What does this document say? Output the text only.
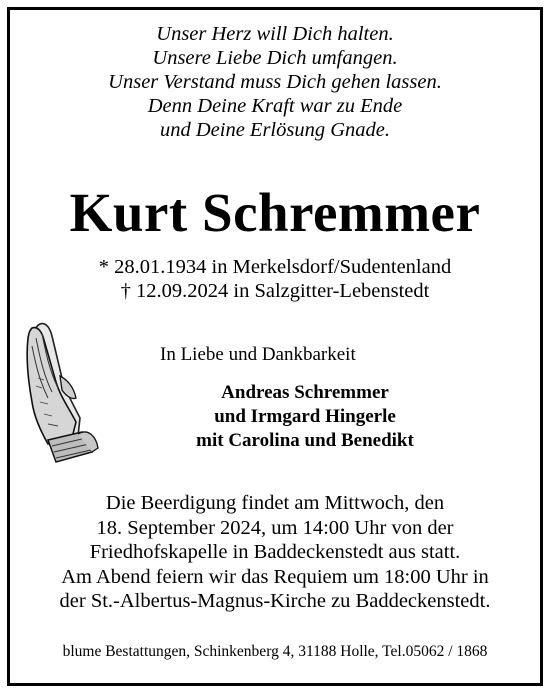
Unser Herz will Dich halten.
Unsere Liebe Dich umfangen.
Unser Verstand muss Dich gehen lassen.
Denn Deine Kraft war zu Ende
und Deine Erlösung Gnade.
Kurt Schremmer
* 28.01.1934 in Merkelsdorf/Sudentenland
† 12.09.2024 in Salzgitter-Lebenstedt
In Liebe und Dankbarkeit
Andreas Schremmer
und Irmgard Hingerle
mit Carolina und Benedikt
Die Beerdigung findet am Mittwoch, den
18. September 2024, um 14:00 Uhr von der
Friedhofskapelle in Baddeckenstedt aus statt.
Am Abend feiern wir das Requiem um 18:00 Uhr in
der St.-Albertus-Magnus-Kirche zu Baddeckenstedt.
blume Bestattungen, Schinkenberg 4, 31188 Holle, Tel.05062 / 1868
